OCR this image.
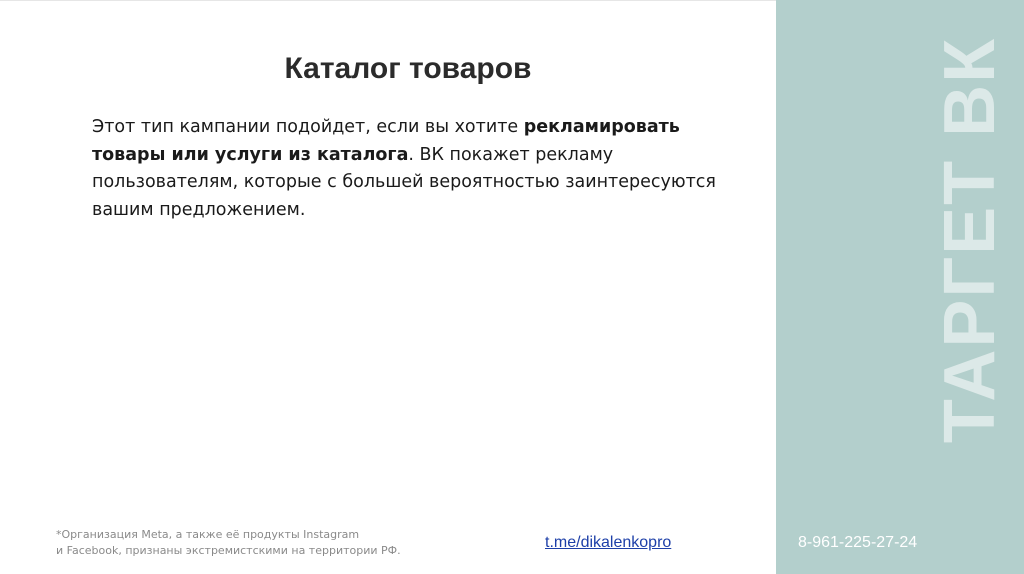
Каталог товаров

Этот тип кампании подойдет, если вы хотите рекламировать товары или услуги из каталога. ВК покажет рекламу пользователям, которые с большей вероятностью заинтересуются вашим предложением.

*Организация Meta, а также её продукты Instagram
и Facebook, признаны экстремистскими на территории РФ.	t.me/dikalenkopro
ТАРГЕТ ВК
8-961-225-27-24
